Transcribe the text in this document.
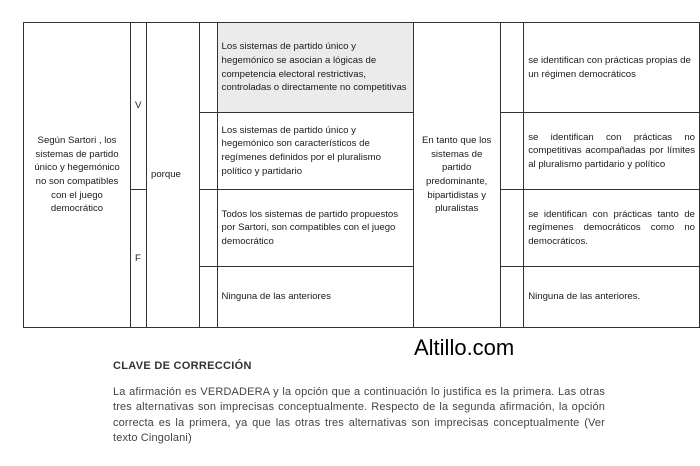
Según Sartori , los sistemas de partido único y hegemónico no son compatibles con el juego democrático	V	porque		Los sistemas de partido único y hegemónico se asocian a lógicas de competencia electoral restrictivas, controladas o directamente no competitivas	En tanto que los sistemas de partido predominante, bipartidistas y pluralistas		se identifican con prácticas propias de un régimen democráticos
				Los sistemas de partido único y hegemónico son característicos de regímenes definidos por el pluralismo político y partidario			se identifican con prácticas no competitivas acompañadas por límites al pluralismo partidario y político
	F			Todos los sistemas de partido propuestos por Sartori, son compatibles con el juego democrático			se identifican con prácticas tanto de regímenes democráticos como no democráticos.
				Ninguna de las anteriores			Ninguna de las anteriores.
Altillo.com
CLAVE DE CORRECCIÓN
La afirmación es VERDADERA y la opción que a continuación lo justifica es la primera. Las otras tres alternativas son imprecisas conceptualmente. Respecto de la segunda afirmación, la opción correcta es la primera, ya que las otras tres alternativas son imprecisas conceptualmente (Ver texto Cingolani)
